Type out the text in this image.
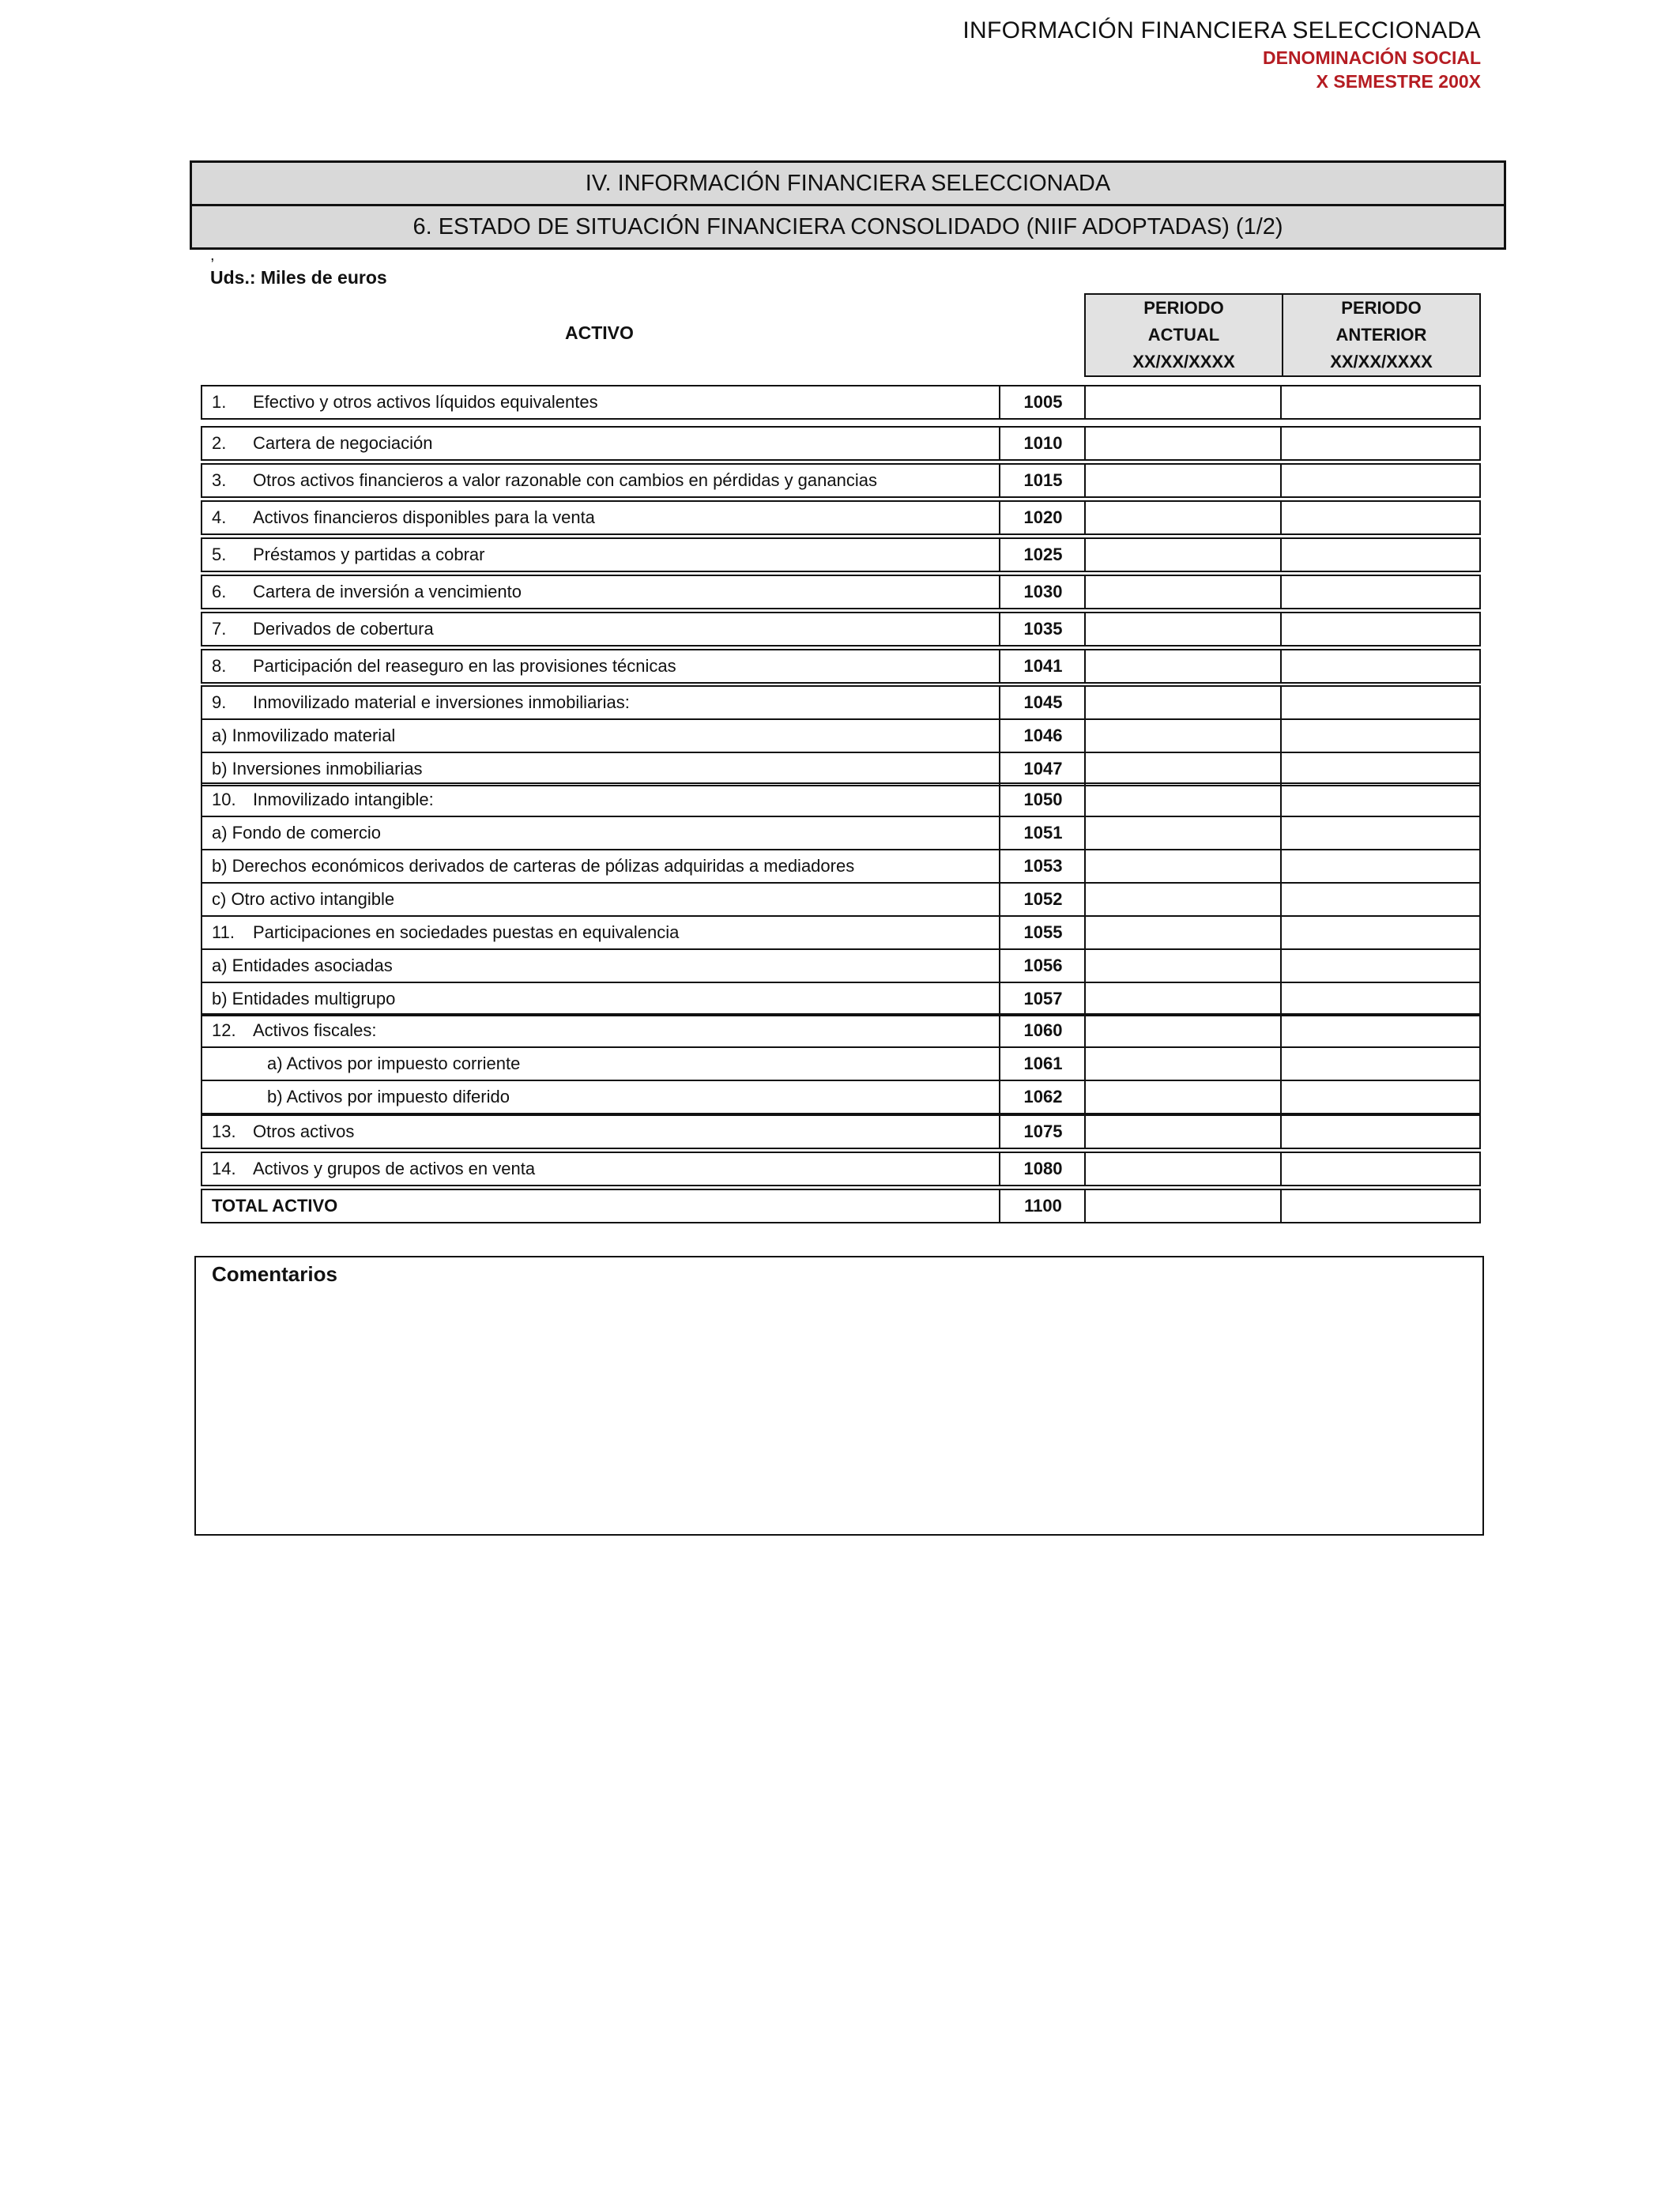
INFORMACIÓN FINANCIERA SELECCIONADA
DENOMINACIÓN SOCIAL
X SEMESTRE 200X
IV. INFORMACIÓN FINANCIERA SELECCIONADA
6. ESTADO DE SITUACIÓN FINANCIERA CONSOLIDADO (NIIF ADOPTADAS) (1/2)
,
Uds.: Miles de euros
ACTIVO
PERIODO
ACTUAL
XX/XX/XXXX
PERIODO
ANTERIOR
XX/XX/XXXX
1.	Efectivo y otros activos líquidos equivalentes	1005
2.	Cartera de negociación	1010
3.	Otros activos financieros a valor razonable con cambios en pérdidas y ganancias	1015
4.	Activos financieros disponibles para la venta	1020
5.	Préstamos y partidas a cobrar	1025
6.	Cartera de inversión a vencimiento	1030
7.	Derivados de cobertura	1035
8.	Participación del reaseguro en las provisiones técnicas	1041
9.	Inmovilizado material e inversiones inmobiliarias:	1045
a) Inmovilizado material	1046
b) Inversiones inmobiliarias	1047
10. Inmovilizado intangible:	1050
a) Fondo de comercio	1051
b) Derechos económicos derivados de carteras de pólizas adquiridas a mediadores	1053
c) Otro activo intangible	1052
11.	Participaciones en sociedades puestas en equivalencia	1055
a) Entidades asociadas	1056
b) Entidades multigrupo	1057
12. Activos fiscales:	1060
a) Activos por impuesto corriente	1061
b) Activos por impuesto diferido	1062
13. Otros activos	1075
14. Activos y grupos de activos en venta	1080
TOTAL ACTIVO	1100
Comentarios
